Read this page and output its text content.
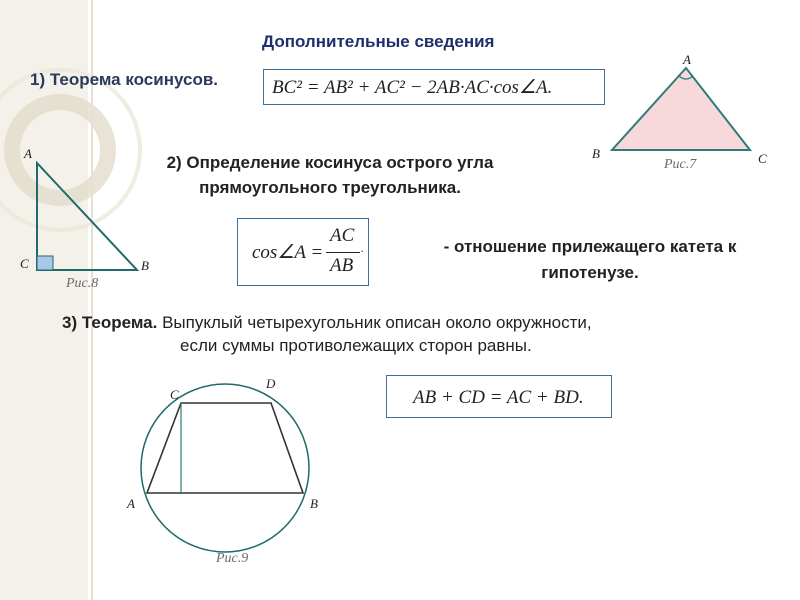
Дополнительные сведения
1) Теорема косинусов.	BC² = AB² + AC² − 2AB·AC·cos∠A.
2) Определение косинуса острого угла прямоугольного треугольника.
cos∠A =
AC
AB
.	- отношение прилежащего катета к гипотенузе.
3) Теорема. Выпуклый четырехугольник описан около окружности,
если суммы противолежащих сторон равны.
AB + CD = AC + BD.
A
B	C
Рис.7
A
C	B
Рис.8
C
D
A	B
Рис.9
